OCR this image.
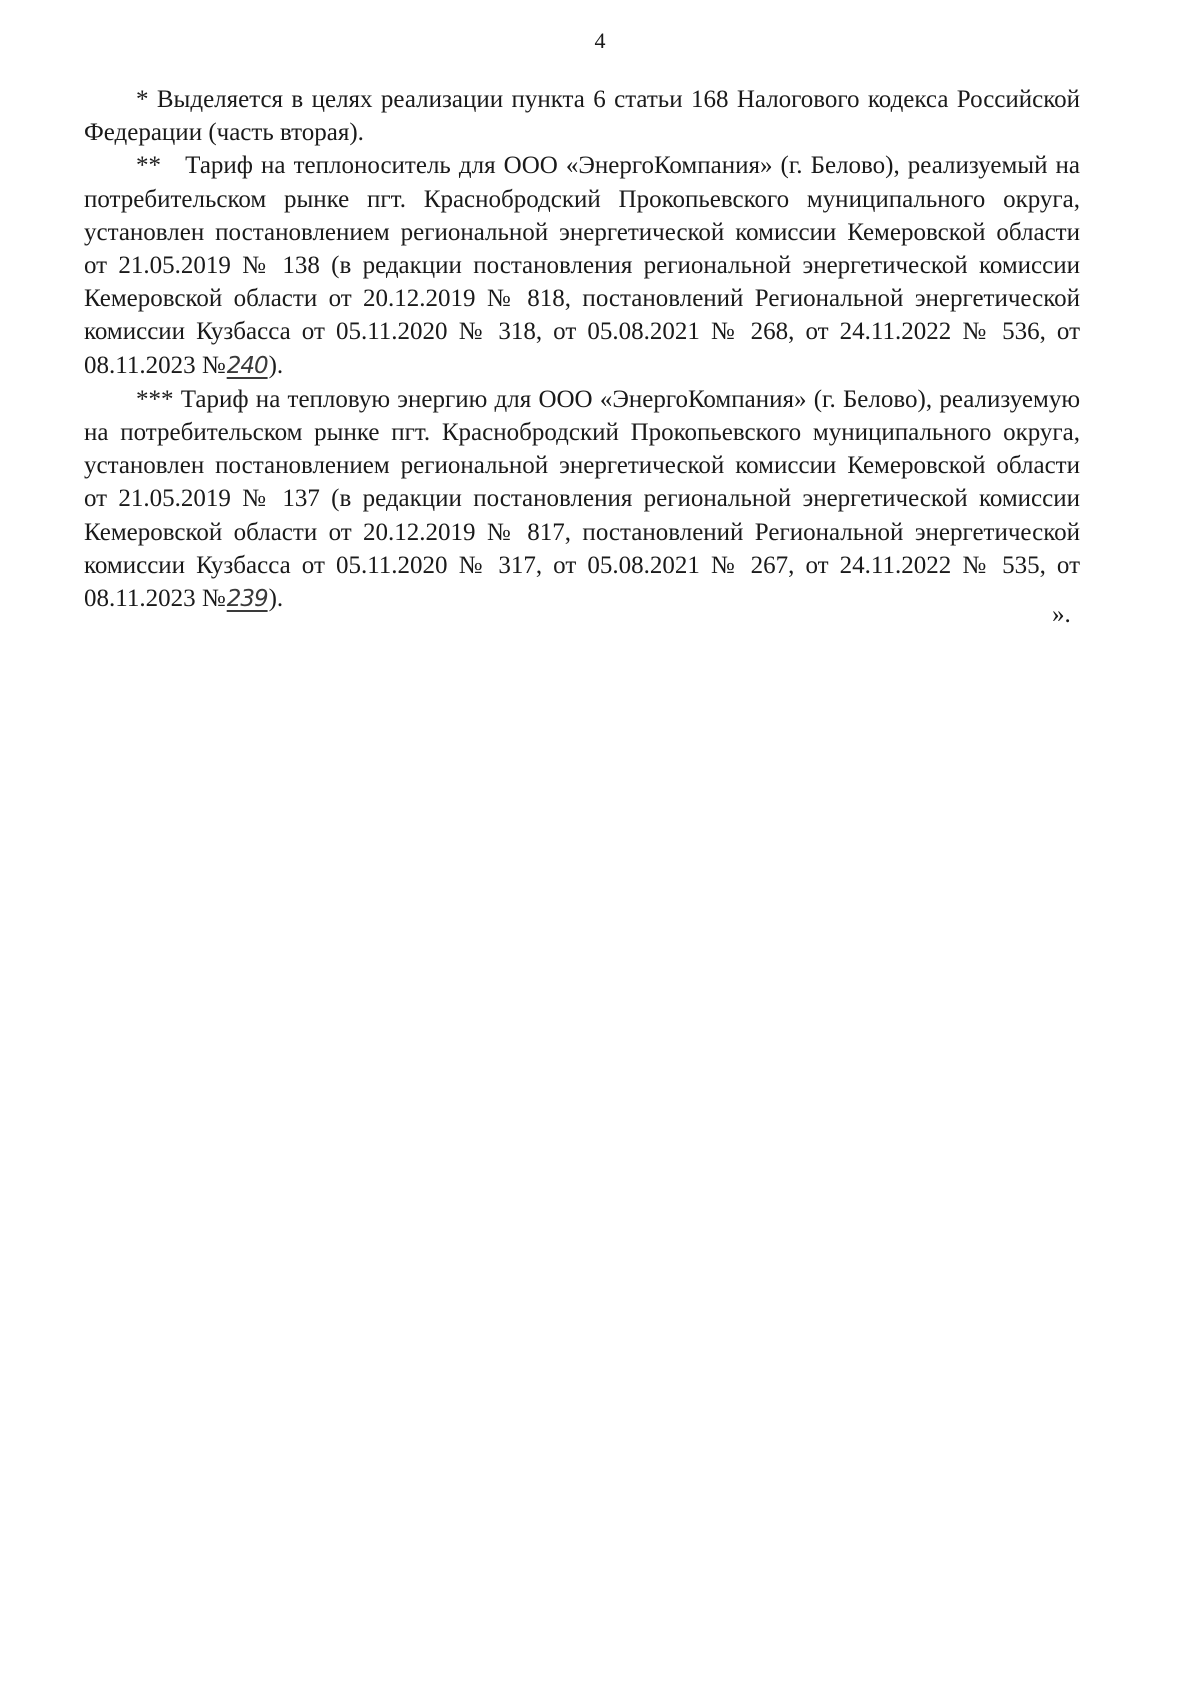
4

* Выделяется в целях реализации пункта 6 статьи 168 Налогового кодекса Российской Федерации (часть вторая).

** Тариф на теплоноситель для ООО «ЭнергоКомпания» (г. Белово), реализуемый на потребительском рынке пгт. Краснобродский Прокопьевского муниципального округа, установлен постановлением региональной энергетической комиссии Кемеровской области от 21.05.2019 № 138 (в редакции постановления региональной энергетической комиссии Кемеровской области от 20.12.2019 № 818, постановлений Региональной энергетической комиссии Кузбасса от 05.11.2020 № 318, от 05.08.2021 № 268, от 24.11.2022 № 536, от 08.11.2023 №240).

*** Тариф на тепловую энергию для ООО «ЭнергоКомпания» (г. Белово), реализуемую на потребительском рынке пгт. Краснобродский Прокопьевского муниципального округа, установлен постановлением региональной энергетической комиссии Кемеровской области от 21.05.2019 № 137 (в редакции постановления региональной энергетической комиссии Кемеровской области от 20.12.2019 № 817, постановлений Региональной энергетической комиссии Кузбасса от 05.11.2020 № 317, от 05.08.2021 № 267, от 24.11.2022 № 535, от 08.11.2023 №239).

».
